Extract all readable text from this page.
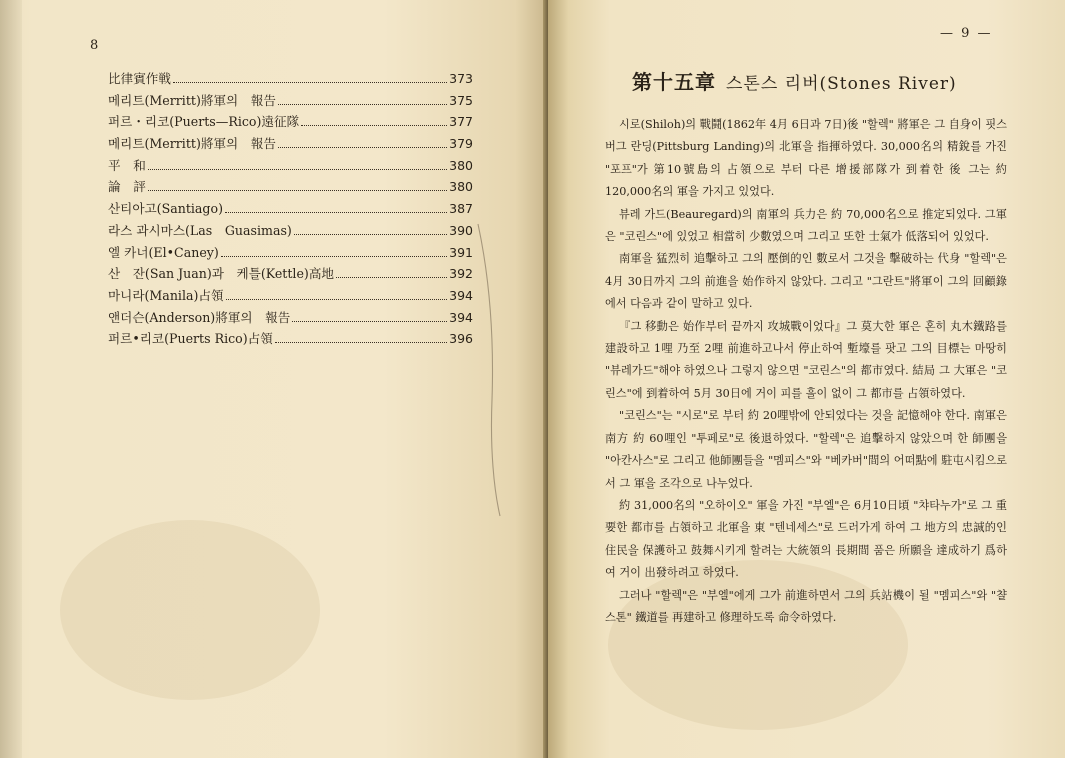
8
比律賓作戦	373
메리트(Merritt)將軍의　報告	375
퍼르・리코(Puerts—Rico)遠征隊	377
메리트(Merritt)將軍의　報告	379
平　和	380
論　評	380
산티아고(Santiago)	387
라스 과시마스(Las　Guasimas)	390
엘 카너(El•Caney)	391
산　잔(San Juan)과　케틀(Kettle)高地	392
마니라(Manila)占領	394
앤더슨(Anderson)將軍의　報告	394
퍼르•리코(Puerts Rico)占領	396
— 9 —
第十五章 스톤스 리버(Stones River)

시로(Shiloh)의 戰鬪(1862年 4月 6日과 7日)後 "할렉" 將軍은 그 自身이 핏스버그 란딩(Pittsburg Landing)의 北軍을 指揮하였다. 30,000名의 精銳를 가진 "포프"가 第10號島의 占領으로 부터 다른 增援部隊가 到着한 後 그는 約 120,000名의 軍을 가지고 있었다.

뷰레 가드(Beauregard)의 南軍의 兵力은 約 70,000名으로 推定되었다. 그軍은 "코린스"에 있었고 相當히 少數였으며 그리고 또한 士氣가 低落되어 있었다.

南軍을 猛烈히 追擊하고 그의 壓倒的인 數로서 그것을 擊破하는 代身 "할렉"은 4月 30日까지 그의 前進을 始作하지 않았다. 그리고 "그란트"將軍이 그의 回顧錄에서 다음과 같이 말하고 있다.

『그 移動은 始作부터 끝까지 攻城戰이었다』그 莫大한 軍은 혼히 丸木鐵路를 建設하고 1哩 乃至 2哩 前進하고나서 停止하여 塹壕를 팟고 그의 目標는 마땅히 "뷰레가드"해야 하였으나 그렇지 않으면 "코린스"의 都市였다. 結局 그 大軍은 "코린스"에 到着하여 5月 30日에 거이 피를 흘이 없이 그 都市를 占領하였다.

"코린스"는 "시로"로 부터 約 20哩밖에 안되었다는 것을 記憶해야 한다. 南軍은 南方 約 60哩인 "투페로"로 後退하였다. "할렉"은 追擊하지 않았으며 한 師團을 "아칸사스"로 그리고 他師團들을 "멤피스"와 "베카버"間의 어떠點에 駐屯시킴으로서 그 軍을 조각으로 나누었다.

約 31,000名의 "오하이오" 軍을 가진 "부엘"은 6月10日頃 "챠타누가"로 그 重要한 都市를 占領하고 北軍을 東 "텐네세스"로 드러가게 하여 그 地方의 忠誠的인 住民을 保護하고 鼓舞시키게 할려는 大統領의 長期間 품은 所願을 達成하기 爲하여 거이 出發하려고 하였다.

그러나 "할렉"은 "부엘"에게 그가 前進하면서 그의 兵站機이 될 "멤피스"와 "챨스톤" 鐵道를 再建하고 修理하도록 命令하였다.
